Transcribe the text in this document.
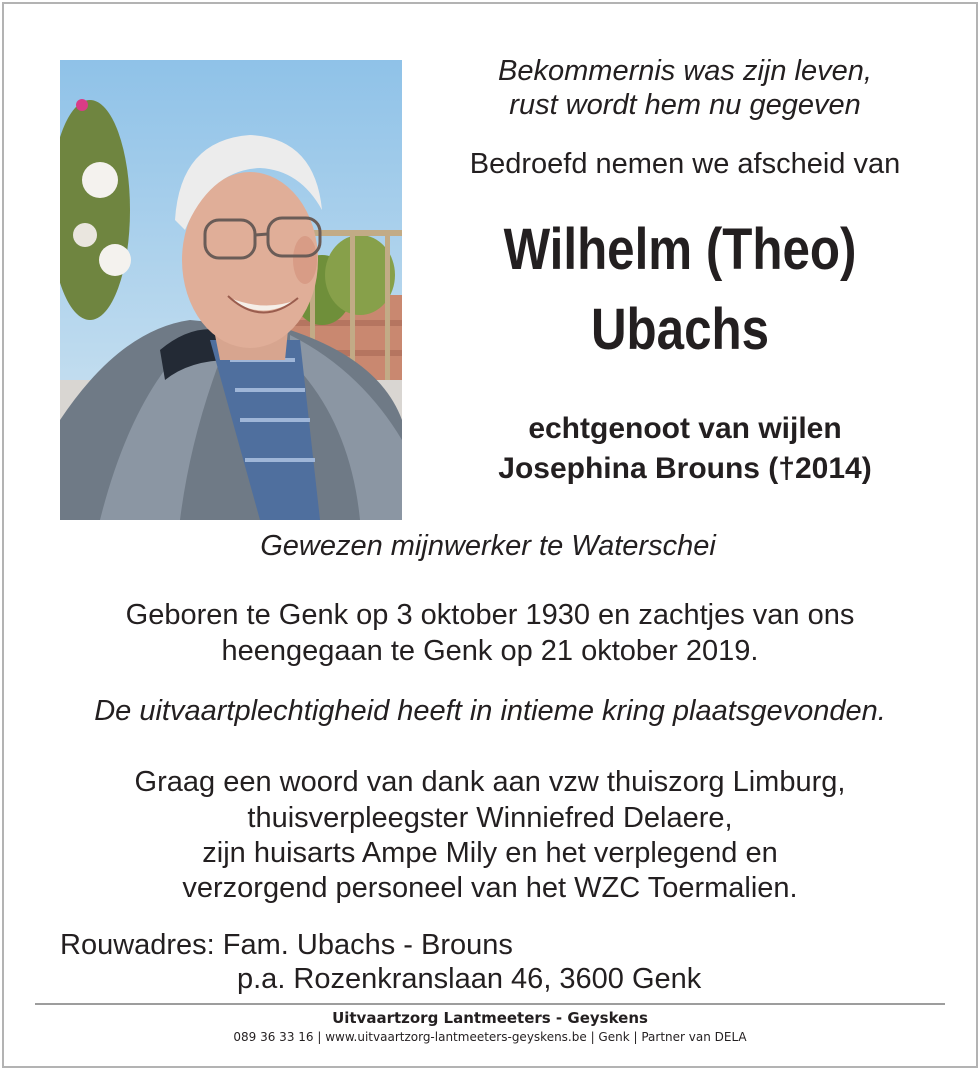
Bekommernis was zijn leven,
rust wordt hem nu gegeven
Bedroefd nemen we afscheid van
Wilhelm (Theo)
Ubachs
echtgenoot van wijlen
Josephina Brouns (†2014)
Gewezen mijnwerker te Waterschei
Geboren te Genk op 3 oktober 1930 en zachtjes van ons
heengegaan te Genk op 21 oktober 2019.
De uitvaartplechtigheid heeft in intieme kring plaatsgevonden.
Graag een woord van dank aan vzw thuiszorg Limburg,
thuisverpleegster Winniefred Delaere,
zijn huisarts Ampe Mily en het verplegend en
verzorgend personeel van het WZC Toermalien.
Rouwadres: Fam. Ubachs - Brouns
p.a. Rozenkranslaan 46, 3600 Genk
Uitvaartzorg Lantmeeters - Geyskens
089 36 33 16 | www.uitvaartzorg-lantmeeters-geyskens.be | Genk | Partner van DELA
